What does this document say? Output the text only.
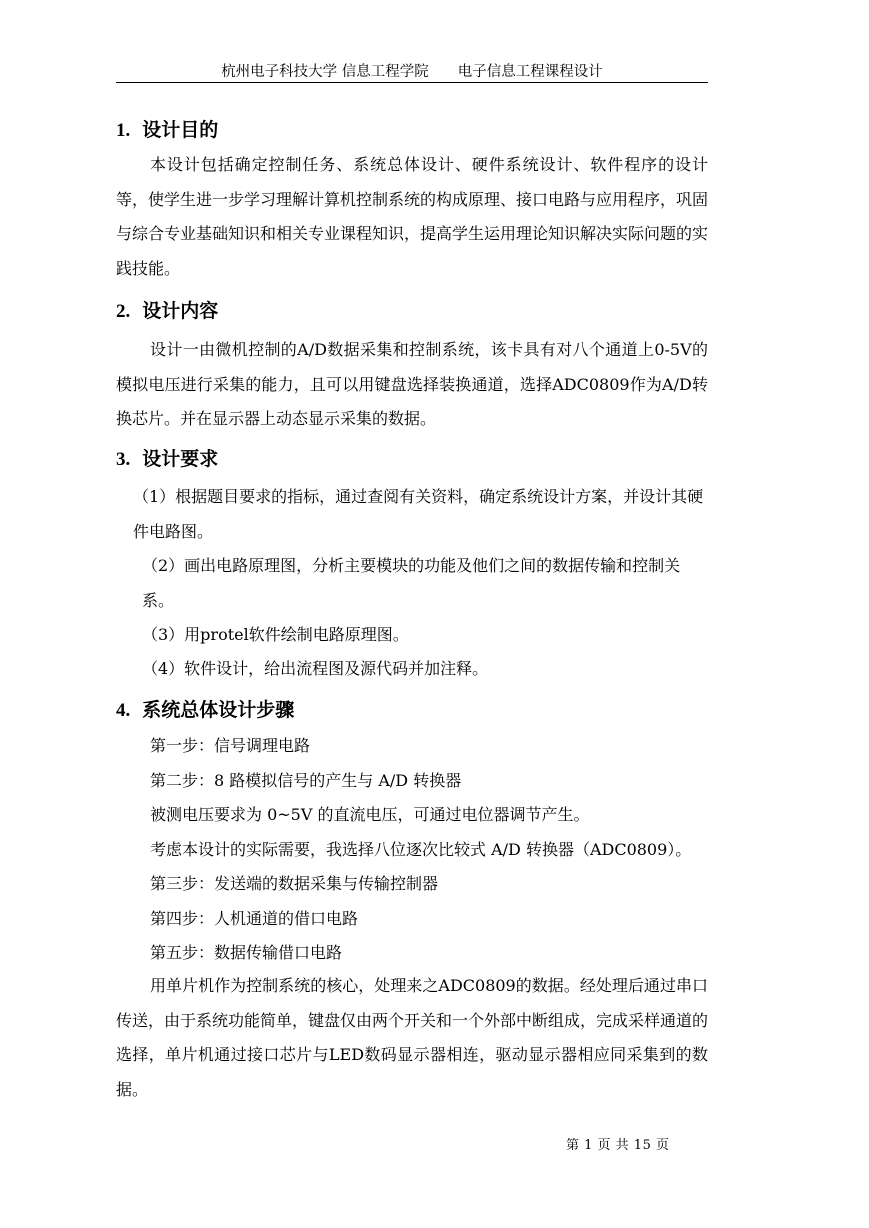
杭州电子科技大学 信息工程学院　　电子信息工程课程设计
1. 设计目的

本设计包括确定控制任务、系统总体设计、硬件系统设计、软件程序的设计等，使学生进一步学习理解计算机控制系统的构成原理、接口电路与应用程序，巩固与综合专业基础知识和相关专业课程知识，提高学生运用理论知识解决实际问题的实践技能。

2. 设计内容

设计一由微机控制的A/D数据采集和控制系统，该卡具有对八个通道上0-5V的模拟电压进行采集的能力，且可以用键盘选择装换通道，选择ADC0809作为A/D转换芯片。并在显示器上动态显示采集的数据。

3. 设计要求
（1）根据题目要求的指标，通过查阅有关资料，确定系统设计方案，并设计其硬件电路图。
（2）画出电路原理图，分析主要模块的功能及他们之间的数据传输和控制关系。
（3）用protel软件绘制电路原理图。
（4）软件设计，给出流程图及源代码并加注释。
4. 系统总体设计步骤
第一步：信号调理电路
第二步：8 路模拟信号的产生与 A/D 转换器
被测电压要求为 0~5V 的直流电压，可通过电位器调节产生。
考虑本设计的实际需要，我选择八位逐次比较式 A/D 转换器（ADC0809）。
第三步：发送端的数据采集与传输控制器
第四步：人机通道的借口电路
第五步：数据传输借口电路

用单片机作为控制系统的核心，处理来之ADC0809的数据。经处理后通过串口传送，由于系统功能简单，键盘仅由两个开关和一个外部中断组成，完成采样通道的选择，单片机通过接口芯片与LED数码显示器相连，驱动显示器相应同采集到的数据。

第 1 页 共 15 页
